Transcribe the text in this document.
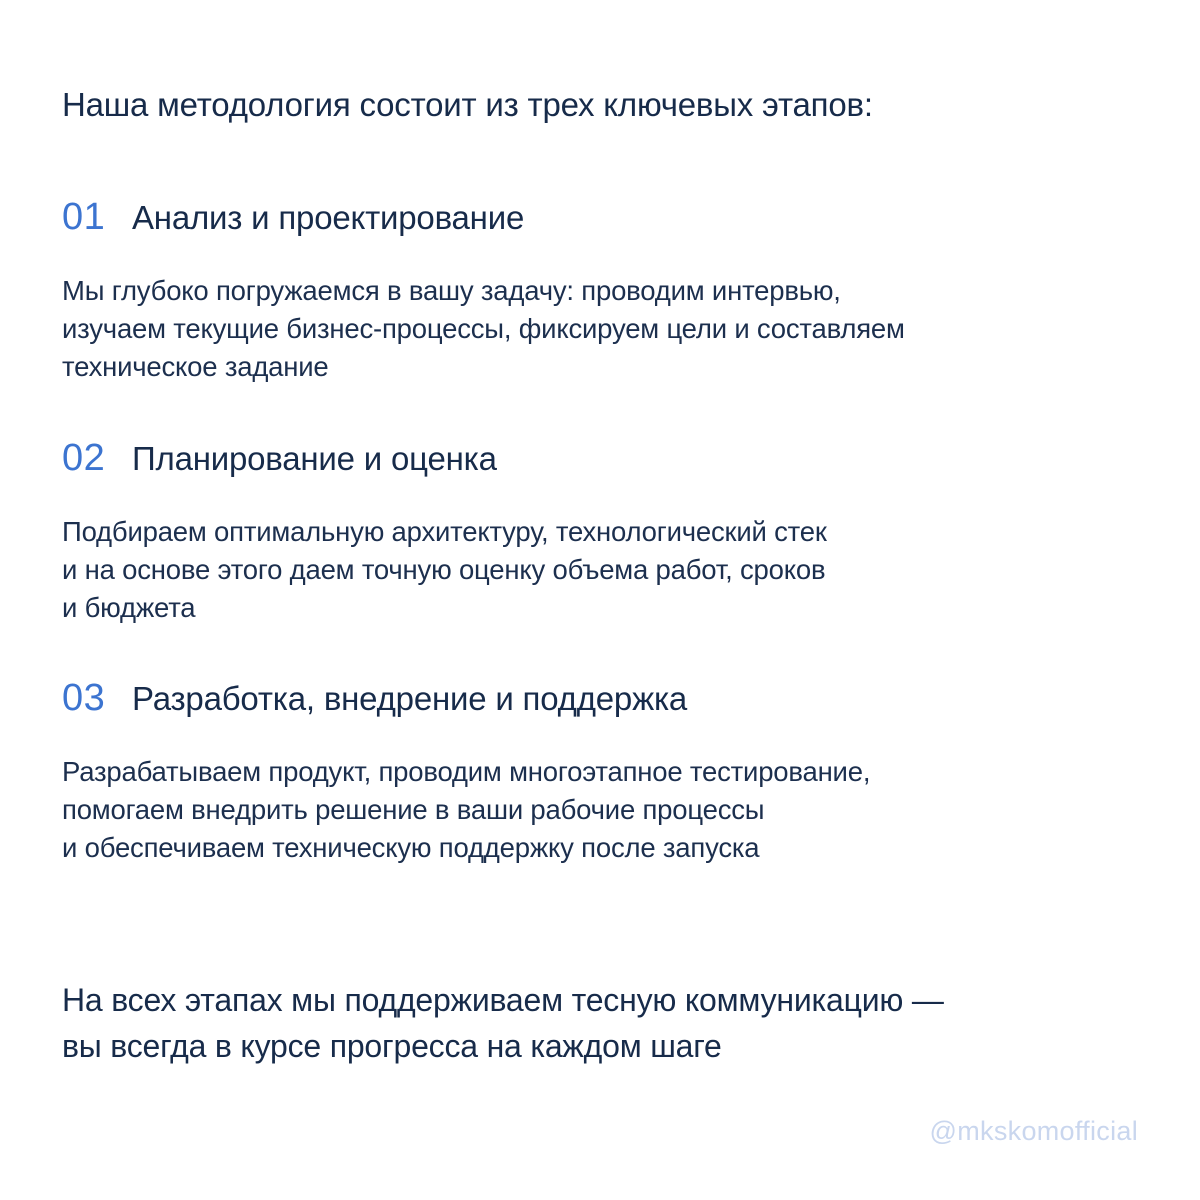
Наша методология состоит из трех ключевых этапов:
01 Анализ и проектирование
Мы глубоко погружаемся в вашу задачу: проводим интервью,
изучаем текущие бизнес-процессы, фиксируем цели и составляем
техническое задание
02 Планирование и оценка
Подбираем оптимальную архитектуру, технологический стек
и на основе этого даем точную оценку объема работ, сроков
и бюджета
03 Разработка, внедрение и поддержка
Разрабатываем продукт, проводим многоэтапное тестирование,
помогаем внедрить решение в ваши рабочие процессы
и обеспечиваем техническую поддержку после запуска
На всех этапах мы поддерживаем тесную коммуникацию —
вы всегда в курсе прогресса на каждом шаге
@mkskomofficial
